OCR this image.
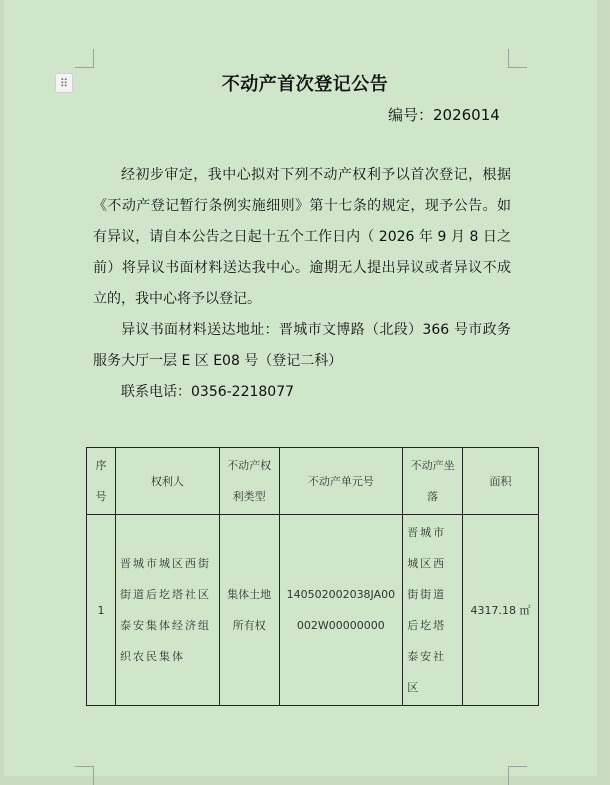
⠿	不动产首次登记公告
编号：2026014

经初步审定，我中心拟对下列不动产权利予以首次登记，根据《不动产登记暂行条例实施细则》第十七条的规定，现予公告。如有异议，请自本公告之日起十五个工作日内（ 2026 年 9 月 8 日之前）将异议书面材料送达我中心。逾期无人提出异议或者异议不成立的，我中心将予以登记。

异议书面材料送达地址：晋城市文博路（北段）366 号市政务服务大厅一层 E 区 E08 号（登记二科）

联系电话：0356-2218077

序号	权利人	不动产权利类型	不动产单元号	不动产坐落	面积
1	晋城市城区西街街道后圪塔社区泰安集体经济组织农民集体	集体土地所有权	140502002038JA00002W00000000	晋城市城区西街街道后圪塔泰安社区	4317.18 ㎡
